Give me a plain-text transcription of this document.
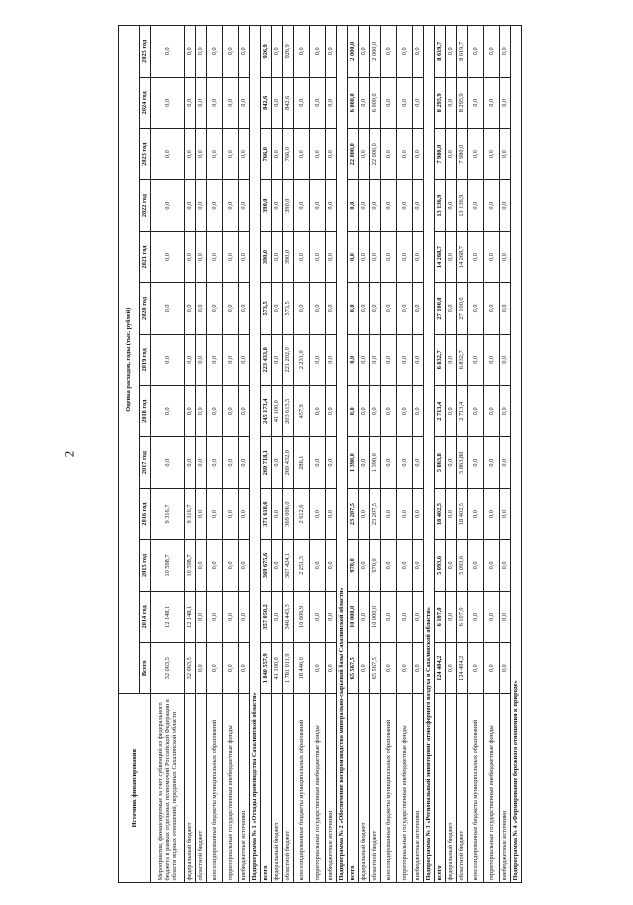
2
Источник финансирования	Оценка расходов, годы (тыс. рублей)												
	Всего	2014 год	2015 год	2016 год	2017 год	2018 год	2019 год	2020 год	2021 год	2022 год	2023 год	2024 год	2025 год
Мероприятия, финансируемые за счет субвенций из федерального бюджета в рамках отдельных полномочий Российской Федерации в области водных отношений, переданных Сахалинской области	32 063,5	12 148,1	10 598,7	9 316,7	0,0	0,0	0,0	0,0	0,0	0,0	0,0	0,0	0,0
федеральный бюджет	32 063,5	12 148,1	10 598,7	9 316,7	0,0	0,0	0,0	0,0	0,0	0,0	0,0	0,0	0,0
областной бюджет	0,0	0,0	0,0	0,0	0,0	0,0	0,0	0,0	0,0	0,0	0,0	0,0	0,0
консолидированные бюджеты муниципальных образований	0,0	0,0	0,0	0,0	0,0	0,0	0,0	0,0	0,0	0,0	0,0	0,0	0,0
территориальные государственные внебюджетные фонды	0,0	0,0	0,0	0,0	0,0	0,0	0,0	0,0	0,0	0,0	0,0	0,0	0,0
внебюджетные источники	0,0	0,0	0,0	0,0	0,0	0,0	0,0	0,0	0,0	0,0	0,0	0,0	0,0
Подпрограмма № 1 «Отходы производства Сахалинской области»													
всего	1 840 557,9	357 050,2	369 675,6	371 618,6	269 718,1	245 173,4	223 433,0	573,5	390,0	390,0	766,0	842,6	926,9
федеральный бюджет	41 100,0	0,0	0,0	0,0	0,0	41 100,0	0,0	0,0	0,0	0,0	0,0	0,0	0,0
областной бюджет	1 781 011,9	346 443,3	367 424,1	369 006,0	269 432,0	203 615,5	221 202,0	573,5	390,0	390,0	766,0	842,6	926,9
консолидированные бюджеты муниципальных образований	18 446,0	10 606,9	2 251,5	2 612,6	286,1	457,9	2 231,0	0,0	0,0	0,0	0,0	0,0	0,0
территориальные государственные внебюджетные фонды	0,0	0,0	0,0	0,0	0,0	0,0	0,0	0,0	0,0	0,0	0,0	0,0	0,0
внебюджетные источники	0,0	0,0	0,0	0,0	0,0	0,0	0,0	0,0	0,0	0,0	0,0	0,0	0,0
Подпрограмма № 2 «Обеспечение воспроизводства минерально-сырьевой базы Сахалинской области»													
всего	65 567,5	10 000,0	970,0	23 207,5	1 390,0	0,0	0,0	0,0	0,0	0,0	22 000,0	6 000,0	2 000,0
федеральный бюджет	0,0	0,0	0,0	0,0	0,0	0,0	0,0	0,0	0,0	0,0	0,0	0,0	0,0
областной бюджет	65 567,5	10 000,0	970,0	23 207,5	1 390,0	0,0	0,0	0,0	0,0	0,0	22 000,0	6 000,0	2 000,0
консолидированные бюджеты муниципальных образований	0,0	0,0	0,0	0,0	0,0	0,0	0,0	0,0	0,0	0,0	0,0	0,0	0,0
территориальные государственные внебюджетные фонды	0,0	0,0	0,0	0,0	0,0	0,0	0,0	0,0	0,0	0,0	0,0	0,0	0,0
внебюджетные источники	0,0	0,0	0,0	0,0	0,0	0,0	0,0	0,0	0,0	0,0	0,0	0,0	0,0
Подпрограмма № 3 «Региональный мониторинг атмосферного воздуха в Сахалинской области»													
всего	124 404,2	6 107,0	5 093,6	18 402,5	5 863,8	2 713,4	6 832,7	27 100,0	14 268,7	13 136,9	7 980,0	8 295,9	8 619,7
федеральный бюджет	0,0	0,0	0,0	0,0	0,0	0,0	0,0	0,0	0,0	0,0	0,0	0,0	0,0
областной бюджет	124 404,2	6 107,0	5 093,6	18 402,5	5 863,80	2 713,4	6 832,7	27 100,0	14 268,7	13 136,9	7 980,0	8 295,9	8 619,7
консолидированные бюджеты муниципальных образований	0,0	0,0	0,0	0,0	0,0	0,0	0,0	0,0	0,0	0,0	0,0	0,0	0,0
территориальные государственные внебюджетные фонды	0,0	0,0	0,0	0,0	0,0	0,0	0,0	0,0	0,0	0,0	0,0	0,0	0,0
внебюджетные источники	0,0	0,0	0,0	0,0	0,0	0,0	0,0	0,0	0,0	0,0	0,0	0,0	0,0
Подпрограмма № 4 «Формирование бережного отношения к природе»													
